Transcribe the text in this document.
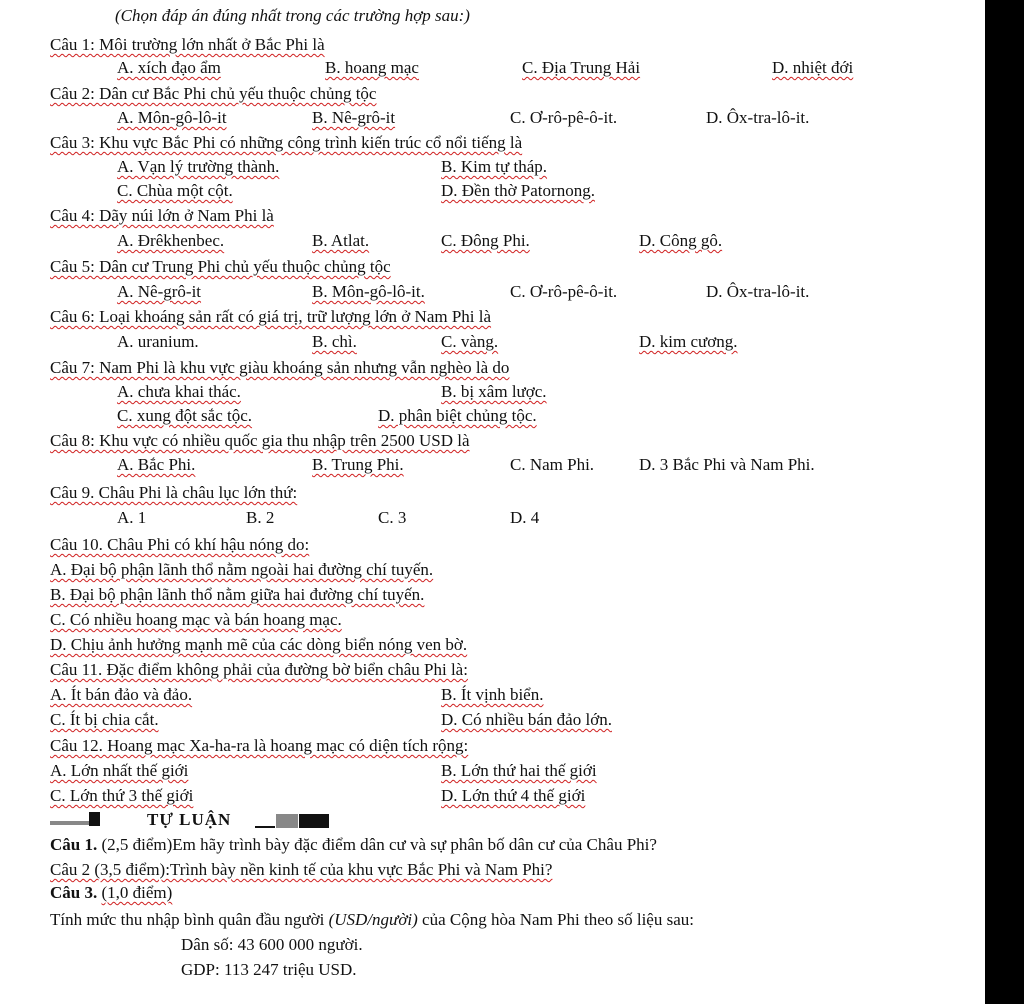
(Chọn đáp án đúng nhất trong các trường hợp sau:)
Câu 1: Môi trường lớn nhất ở Bắc Phi là
A. xích đạo ẩm	B. hoang mạc	C. Địa Trung Hải	D. nhiệt đới
Câu 2: Dân cư Bắc Phi chủ yếu thuộc chủng tộc
A. Môn-gô-lô-it	B. Nê-grô-it	C. Ơ-rô-pê-ô-it.	D. Ôx-tra-lô-it.
Câu 3: Khu vực Bắc Phi có những công trình kiến trúc cổ nổi tiếng là
A. Vạn lý trường thành.	B. Kim tự tháp.
C. Chùa một cột.	D. Đền thờ Patornong.
Câu 4: Dãy núi lớn ở Nam Phi là
A. Đrêkhenbec.	B. Atlat.	C. Đông Phi.	D. Công gô.
Câu 5: Dân cư Trung Phi chủ yếu thuộc chủng tộc
A. Nê-grô-it	B. Môn-gô-lô-it.	C. Ơ-rô-pê-ô-it.	D. Ôx-tra-lô-it.
Câu 6: Loại khoáng sản rất có giá trị, trữ lượng lớn ở Nam Phi là
A. uranium.	B. chì.	C. vàng.	D. kim cương.
Câu 7: Nam Phi là khu vực giàu khoáng sản nhưng vẫn nghèo là do
A. chưa khai thác.	B. bị xâm lược.
C. xung đột sắc tộc.	D. phân biệt chủng tộc.
Câu 8: Khu vực có nhiều quốc gia thu nhập trên 2500 USD là
A. Bắc Phi.	B. Trung Phi.	C. Nam Phi.	D. 3 Bắc Phi và Nam Phi.
Câu 9. Châu Phi là châu lục lớn thứ:
A. 1	B. 2	C. 3	D. 4
Câu 10. Châu Phi có khí hậu nóng do:
A. Đại bộ phận lãnh thổ nằm ngoài hai đường chí tuyến.
B. Đại bộ phận lãnh thổ nằm giữa hai đường chí tuyến.
C. Có nhiều hoang mạc và bán hoang mạc.
D. Chịu ảnh hưởng mạnh mẽ của các dòng biển nóng ven bờ.
Câu 11. Đặc điểm không phải của đường bờ biển châu Phi là:
A. Ít bán đảo và đảo.	B. Ít vịnh biển.
C. Ít bị chia cắt.	D. Có nhiều bán đảo lớn.
Câu 12. Hoang mạc Xa-ha-ra là hoang mạc có diện tích rộng:
A. Lớn nhất thế giới	B. Lớn thứ hai thế giới
C. Lớn thứ 3 thế giới	D. Lớn thứ 4 thế giới
TỰ LUẬN
Câu 1. (2,5 điểm)Em hãy trình bày đặc điểm dân cư và sự phân bố dân cư của Châu Phi?
Câu 2 (3,5 điểm):Trình bày nền kinh tế của khu vực Bắc Phi và Nam Phi?
Câu 3. (1,0 điểm)
Tính mức thu nhập bình quân đầu người (USD/người) của Cộng hòa Nam Phi theo số liệu sau:
Dân số: 43 600 000 người.
GDP: 113 247 triệu USD.
